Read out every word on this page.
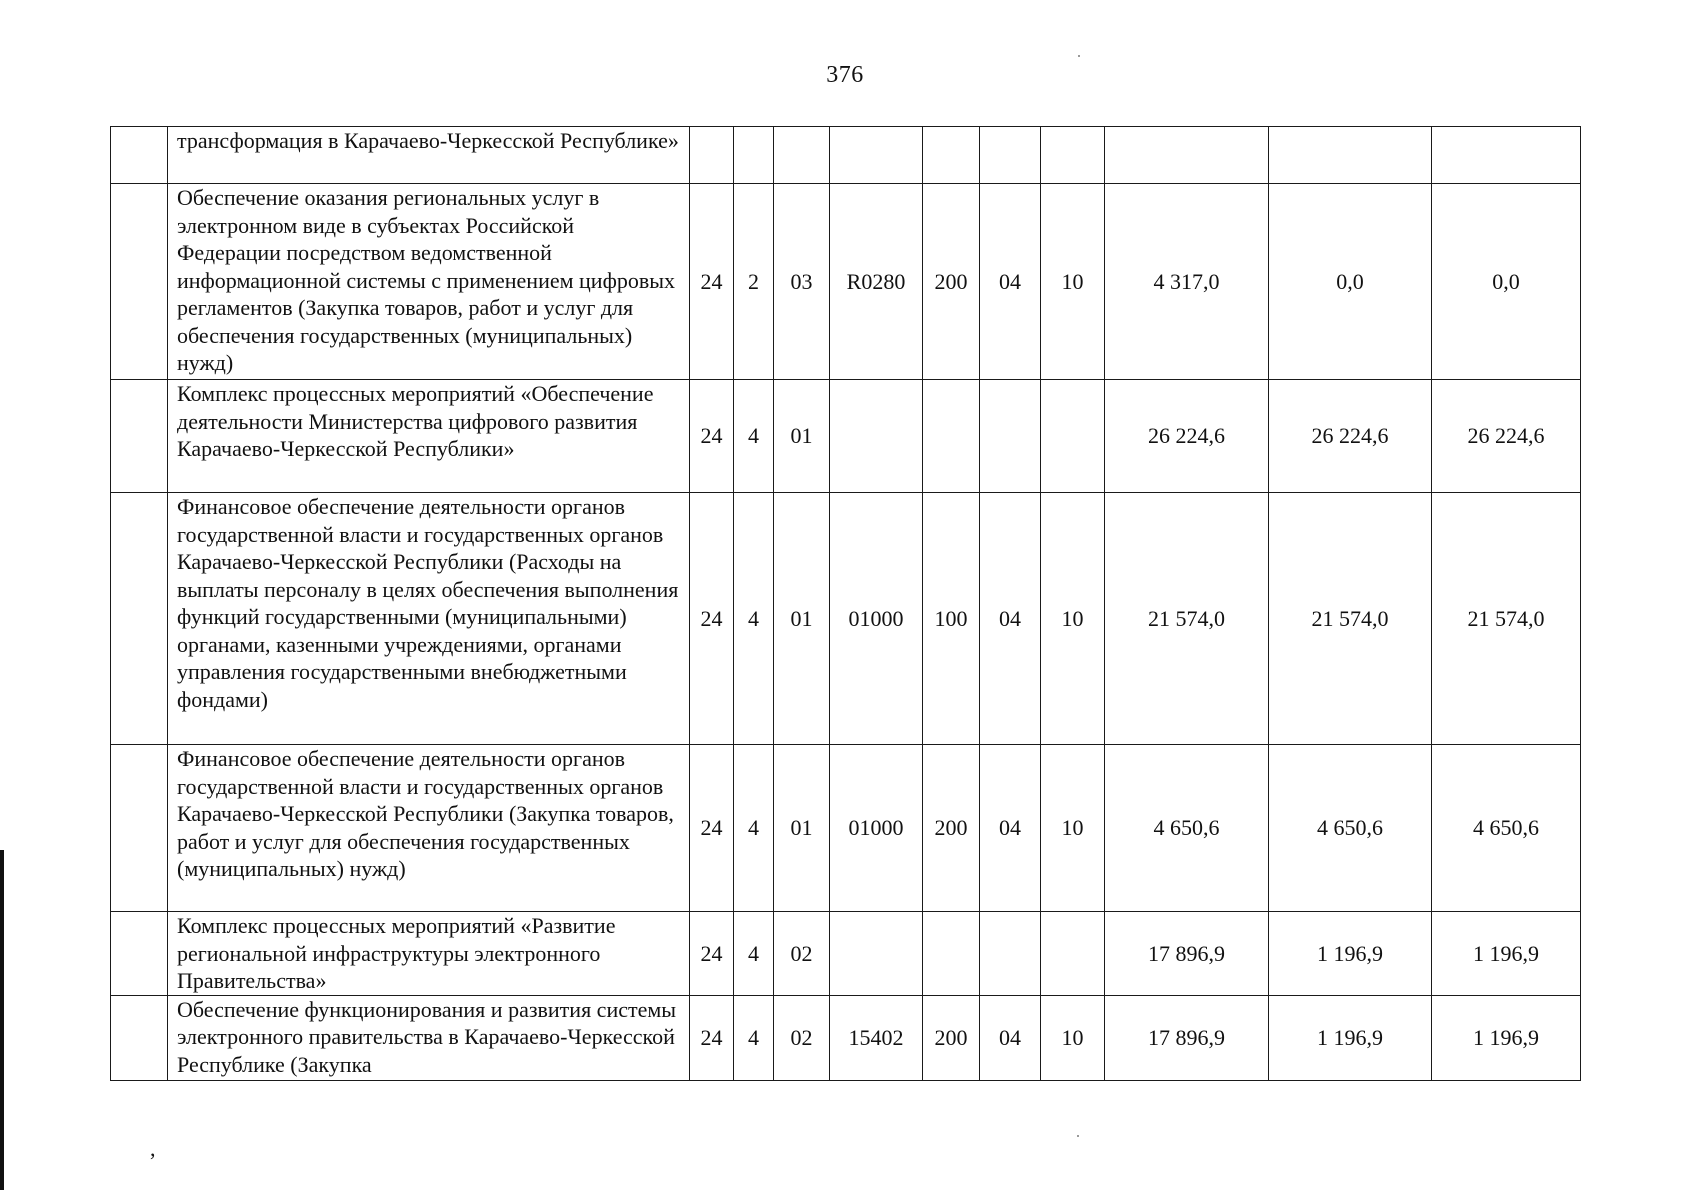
376
	трансформация в Карачаево-Черкесской Республике»										
	Обеспечение оказания региональных услуг в электронном виде в субъектах Российской Федерации посредством ведомственной информационной системы с применением цифровых регламентов (Закупка товаров, работ и услуг для обеспечения государственных (муниципальных) нужд)	24	2	03	R0280	200	04	10	4 317,0	0,0	0,0
	Комплекс процессных мероприятий «Обеспечение деятельности Министерства цифрового развития Карачаево-Черкесской Республики»	24	4	01					26 224,6	26 224,6	26 224,6
	Финансовое обеспечение деятельности органов государственной власти и государственных органов Карачаево-Черкесской Республики (Расходы на выплаты персоналу в целях обеспечения выполнения функций государственными (муниципальными) органами, казенными учреждениями, органами управления государственными внебюджетными фондами)	24	4	01	01000	100	04	10	21 574,0	21 574,0	21 574,0
	Финансовое обеспечение деятельности органов государственной власти и государственных органов Карачаево-Черкесской Республики (Закупка товаров, работ и услуг для обеспечения государственных (муниципальных) нужд)	24	4	01	01000	200	04	10	4 650,6	4 650,6	4 650,6
	Комплекс процессных мероприятий «Развитие региональной инфраструктуры электронного Правительства»	24	4	02					17 896,9	1 196,9	1 196,9
	Обеспечение функционирования и развития системы электронного правительства в Карачаево-Черкесской Республике (Закупка	24	4	02	15402	200	04	10	17 896,9	1 196,9	1 196,9
,
